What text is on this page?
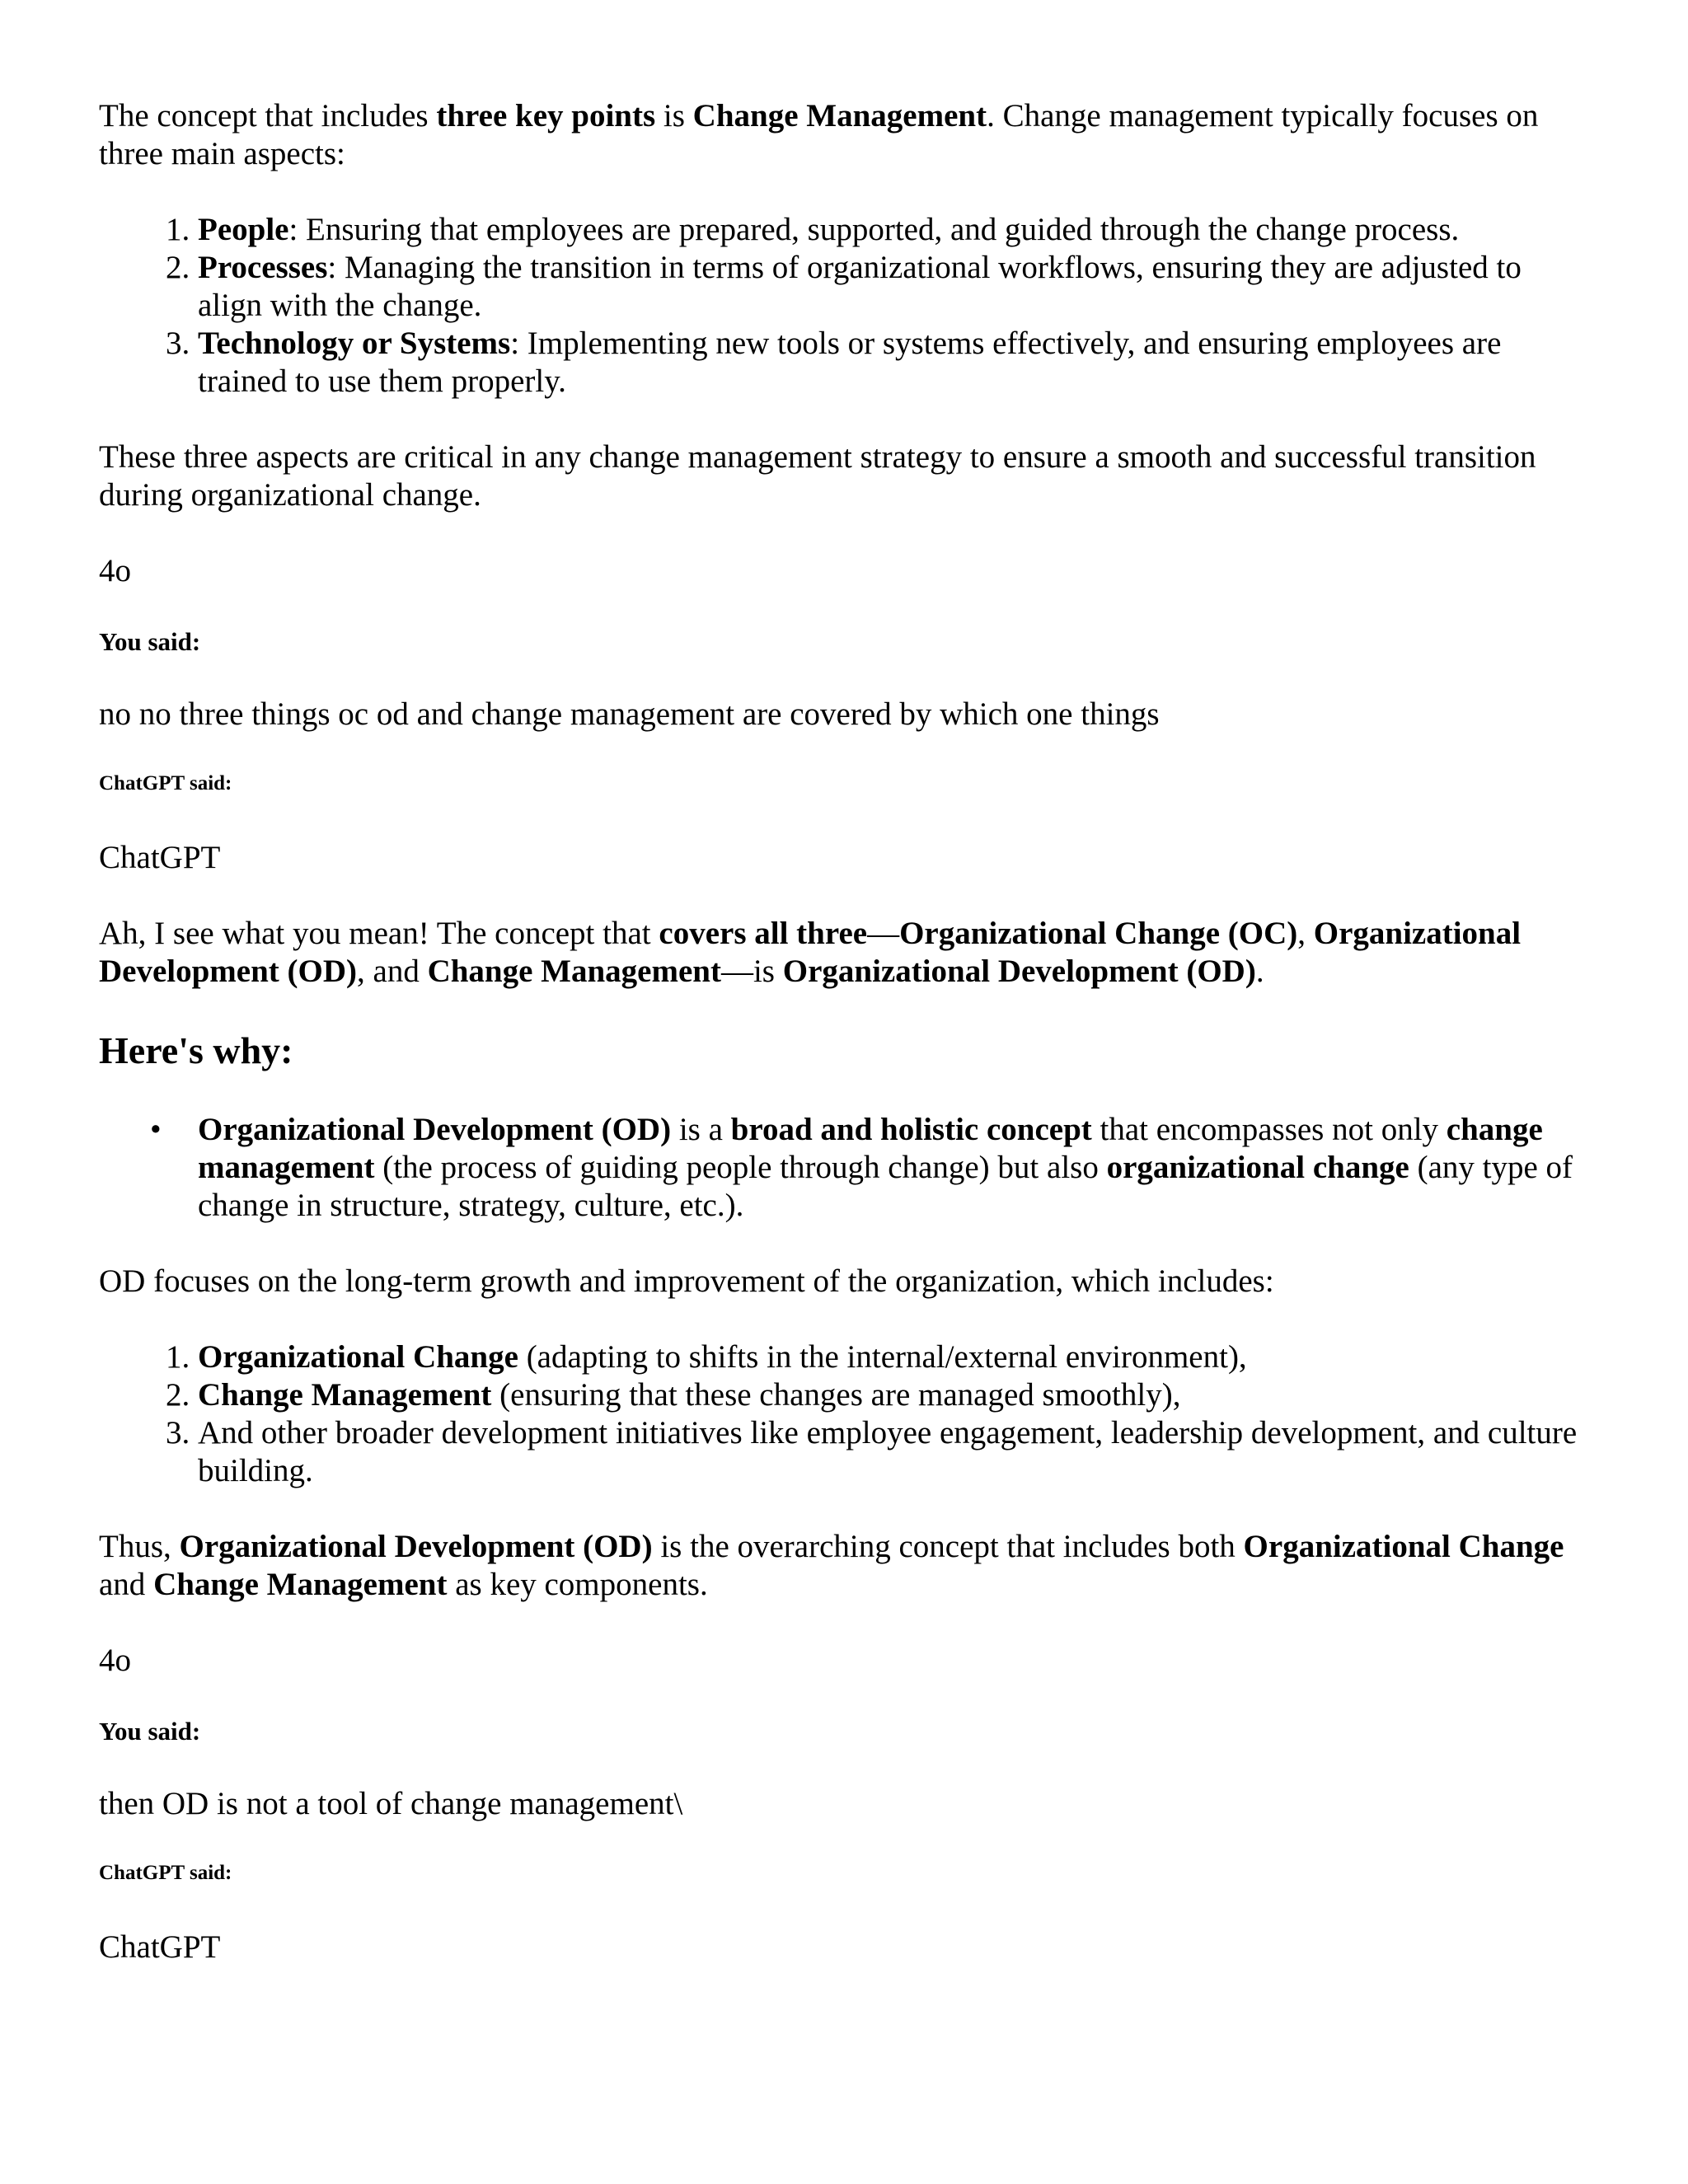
The concept that includes three key points is Change Management. Change management typically focuses on three main aspects:

1. People: Ensuring that employees are prepared, supported, and guided through the change process.
2. Processes: Managing the transition in terms of organizational workflows, ensuring they are adjusted to align with the change.
3. Technology or Systems: Implementing new tools or systems effectively, and ensuring employees are trained to use them properly.

These three aspects are critical in any change management strategy to ensure a smooth and successful transition during organizational change.

4o

You said:

no no three things oc od and change management are covered by which one things

ChatGPT said:

ChatGPT

Ah, I see what you mean! The concept that covers all three—Organizational Change (OC), Organizational Development (OD), and Change Management—is Organizational Development (OD).

Here's why:
• Organizational Development (OD) is a broad and holistic concept that encompasses not only change management (the process of guiding people through change) but also organizational change (any type of change in structure, strategy, culture, etc.).

OD focuses on the long-term growth and improvement of the organization, which includes:

1. Organizational Change (adapting to shifts in the internal/external environment),
2. Change Management (ensuring that these changes are managed smoothly),
3. And other broader development initiatives like employee engagement, leadership development, and culture building.

Thus, Organizational Development (OD) is the overarching concept that includes both Organizational Change and Change Management as key components.

4o

You said:

then OD is not a tool of change management\

ChatGPT said:

ChatGPT
